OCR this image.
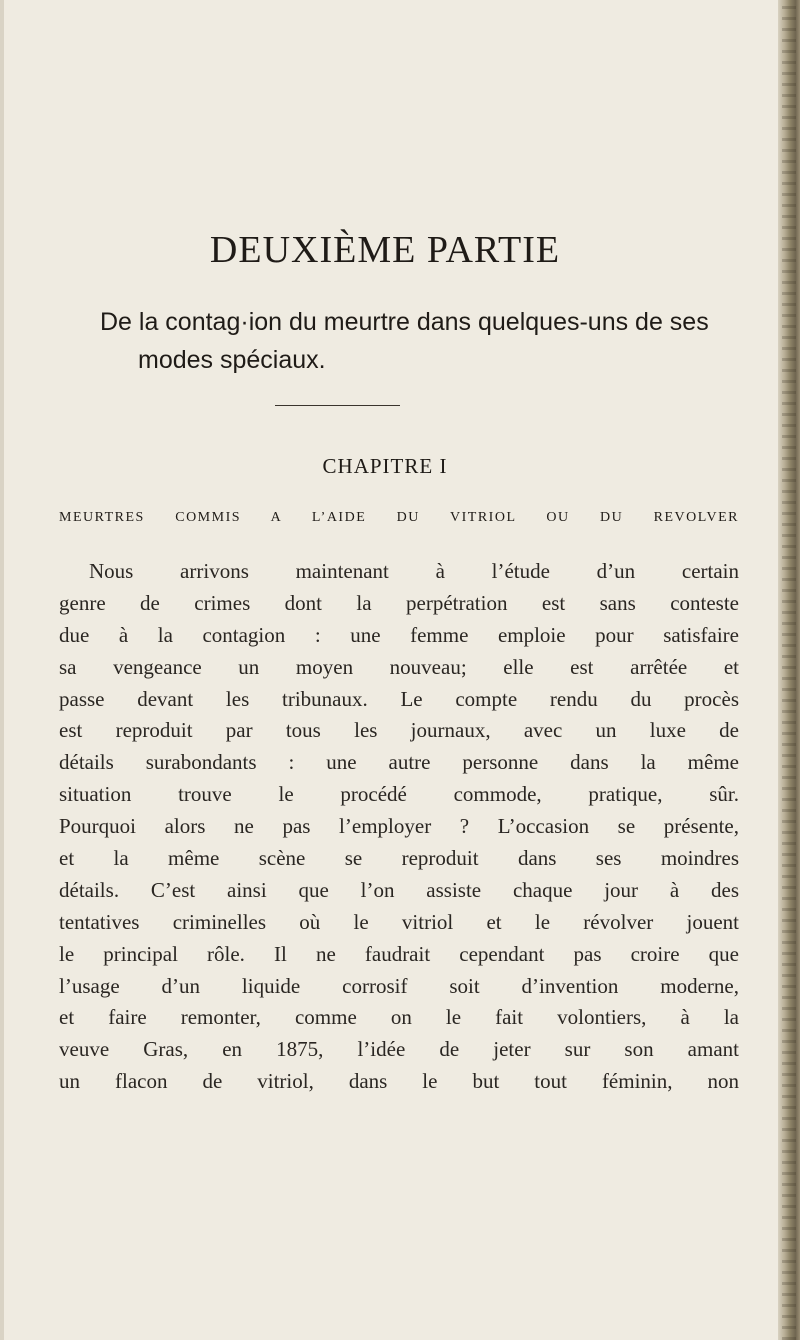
DEUXIÈME PARTIE
De la contag·ion du meurtre dans quelques-uns de ses modes spéciaux.
CHAPITRE I
MEURTRES COMMIS A L’AIDE DU VITRIOL OU DU REVOLVER
Nous arrivons maintenant à l’étude d’un certain
genre de crimes dont la perpétration est sans conteste
due à la contagion : une femme emploie pour satisfaire
sa vengeance un moyen nouveau; elle est arrêtée et
passe devant les tribunaux. Le compte rendu du procès
est reproduit par tous les journaux, avec un luxe de
détails surabondants : une autre personne dans la même
situation trouve le procédé commode, pratique, sûr.
Pourquoi alors ne pas l’employer ? L’occasion se présente,
et la même scène se reproduit dans ses moindres
détails. C’est ainsi que l’on assiste chaque jour à des
tentatives criminelles où le vitriol et le révolver jouent
le principal rôle. Il ne faudrait cependant pas croire que
l’usage d’un liquide corrosif soit d’invention moderne,
et faire remonter, comme on le fait volontiers, à la
veuve Gras, en 1875, l’idée de jeter sur son amant
un flacon de vitriol, dans le but tout féminin, non
